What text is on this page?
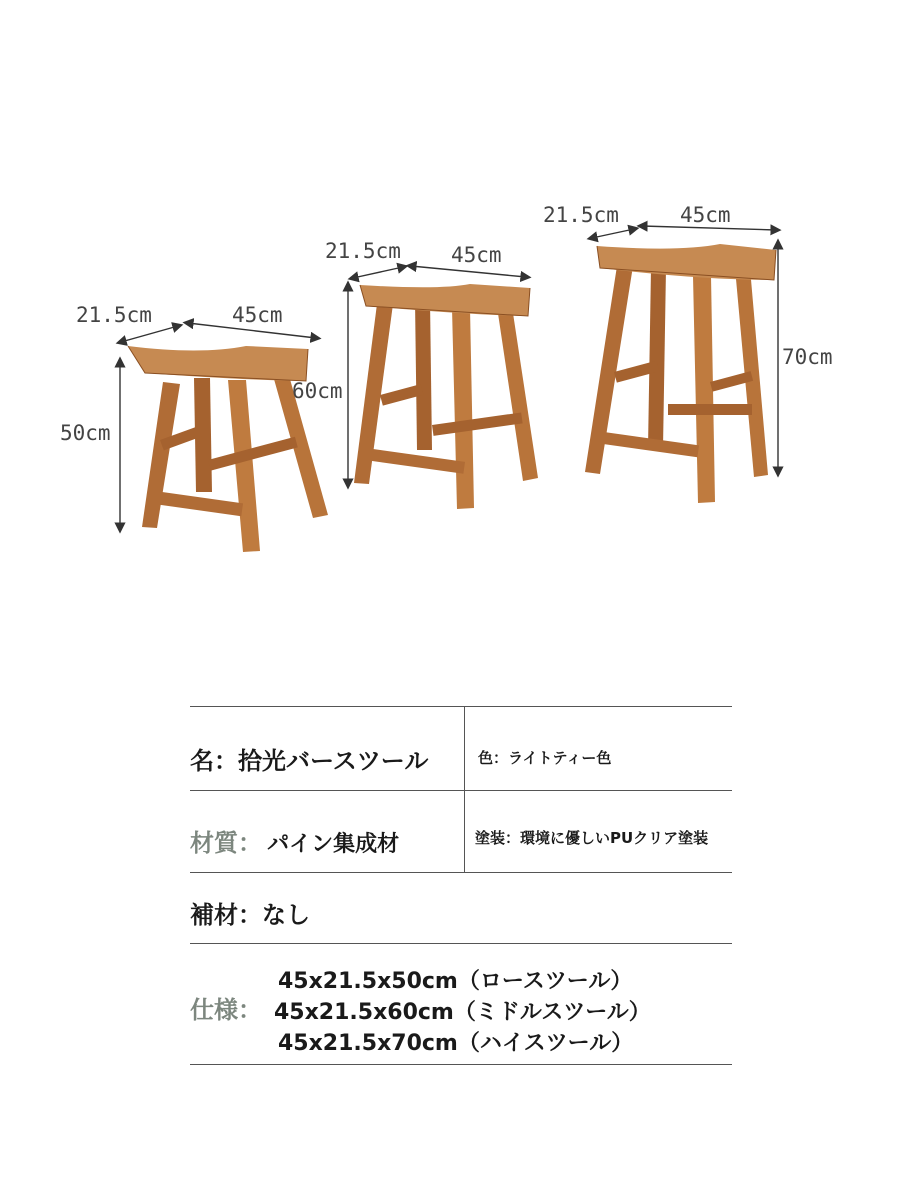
21.5cm	45cm
50cm
21.5cm 45cm
60cm
21.5cm	45cm
70cm
名：拾光バースツール	色：ライトティー色
材質： パイン集成材	塗装：環境に優しいPUクリア塗装
補材：なし
仕様：
45x21.5x50cm（ロースツール）
45x21.5x60cm（ミドルスツール）
45x21.5x70cm（ハイスツール）
